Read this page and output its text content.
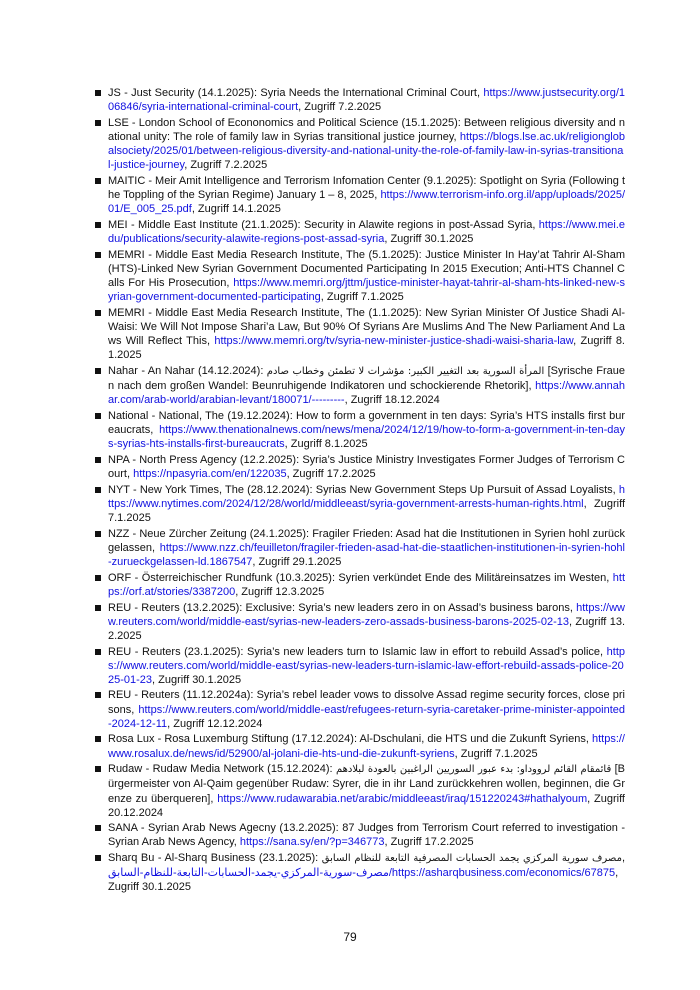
JS - Just Security (14.1.2025): Syria Needs the International Criminal Court, https://www.justsecurity.org/106846/syria-international-criminal-court, Zugriff 7.2.2025
LSE - London School of Econonomics and Political Science (15.1.2025): Between religious diversity and national unity: The role of family law in Syrias transitional justice journey, https://blogs.lse.ac.uk/religionglobalsociety/2025/01/between-religious-diversity-and-national-unity-the-role-of-family-law-in-syrias-transitional-justice-journey, Zugriff 7.2.2025
MAITIC - Meir Amit Intelligence and Terrorism Infomation Center (9.1.2025): Spotlight on Syria (Following the Toppling of the Syrian Regime) January 1 – 8, 2025, https://www.terrorism-info.org.il/app/uploads/2025/01/E_005_25.pdf, Zugriff 14.1.2025
MEI - Middle East Institute (21.1.2025): Security in Alawite regions in post-Assad Syria, https://www.mei.edu/publications/security-alawite-regions-post-assad-syria, Zugriff 30.1.2025
MEMRI - Middle East Media Research Institute, The (5.1.2025): Justice Minister In Hay’at Tahrir Al-Sham (HTS)-Linked New Syrian Government Documented Participating In 2015 Execution; Anti-HTS Channel Calls For His Prosecution, https://www.memri.org/jttm/justice-minister-hayat-tahrir-al-sham-hts-linked-new-syrian-government-documented-participating, Zugriff 7.1.2025
MEMRI - Middle East Media Research Institute, The (1.1.2025): New Syrian Minister Of Justice Shadi Al-Waisi: We Will Not Impose Shari’a Law, But 90% Of Syrians Are Muslims And The New Parliament And Laws Will Reflect This, https://www.memri.org/tv/syria-new-minister-justice-shadi-waisi-sharia-law, Zugriff 8.1.2025
Nahar - An Nahar (14.12.2024): المرأة السورية بعد التغيير الكبير: مؤشرات لا تطمئن وخطاب صادم [Syrische Frauen nach dem großen Wandel: Beunruhigende Indikatoren und schockierende Rhetorik], https://www.annahar.com/arab-world/arabian-levant/180071/---------, Zugriff 18.12.2024
National - National, The (19.12.2024): How to form a government in ten days: Syria’s HTS installs first bureaucrats, https://www.thenationalnews.com/news/mena/2024/12/19/how-to-form-a-government-in-ten-days-syrias-hts-installs-first-bureaucrats, Zugriff 8.1.2025
NPA - North Press Agency (12.2.2025): Syria’s Justice Ministry Investigates Former Judges of Terrorism Court, https://npasyria.com/en/122035, Zugriff 17.2.2025
NYT - New York Times, The (28.12.2024): Syrias New Government Steps Up Pursuit of Assad Loyalists, https://www.nytimes.com/2024/12/28/world/middleeast/syria-government-arrests-human-rights.html, Zugriff 7.1.2025
NZZ - Neue Zürcher Zeitung (24.1.2025): Fragiler Frieden: Asad hat die Institutionen in Syrien hohl zurückgelassen, https://www.nzz.ch/feuilleton/fragiler-frieden-asad-hat-die-staatlichen-institutionen-in-syrien-hohl-zurueckgelassen-ld.1867547, Zugriff 29.1.2025
ORF - Österreichischer Rundfunk (10.3.2025): Syrien verkündet Ende des Militäreinsatzes im Westen, https://orf.at/stories/3387200, Zugriff 12.3.2025
REU - Reuters (13.2.2025): Exclusive: Syria’s new leaders zero in on Assad’s business barons, https://www.reuters.com/world/middle-east/syrias-new-leaders-zero-assads-business-barons-2025-02-13, Zugriff 13.2.2025
REU - Reuters (23.1.2025): Syria’s new leaders turn to Islamic law in effort to rebuild Assad’s police, https://www.reuters.com/world/middle-east/syrias-new-leaders-turn-islamic-law-effort-rebuild-assads-police-2025-01-23, Zugriff 30.1.2025
REU - Reuters (11.12.2024a): Syria’s rebel leader vows to dissolve Assad regime security forces, close prisons, https://www.reuters.com/world/middle-east/refugees-return-syria-caretaker-prime-minister-appointed-2024-12-11, Zugriff 12.12.2024
Rosa Lux - Rosa Luxemburg Stiftung (17.12.2024): Al-Dschulani, die HTS und die Zukunft Syriens, https://www.rosalux.de/news/id/52900/al-jolani-die-hts-und-die-zukunft-syriens, Zugriff 7.1.2025
Rudaw - Rudaw Media Network (15.12.2024): قائمقام القائم لرووداو: بدء عبور السوريين الراغبين بالعودة لبلادهم [Bürgermeister von Al-Qaim gegenüber Rudaw: Syrer, die in ihr Land zurückkehren wollen, beginnen, die Grenze zu überqueren], https://www.rudawarabia.net/arabic/middleeast/iraq/151220243#hathalyoum, Zugriff 20.12.2024
SANA - Syrian Arab News Agecny (13.2.2025): 87 Judges from Terrorism Court referred to investigation - Syrian Arab News Agency, https://sana.sy/en/?p=346773, Zugriff 17.2.2025
Sharq Bu - Al-Sharq Business (23.1.2025): مصرف سورية المركزي يجمد الحسابات المصرفية التابعة للنظام السابق, https://asharqbusiness.com/economics/67875/مصرف-سورية-المركزي-يجمد-الحسابات-التابعة-للنظام-السابق, Zugriff 30.1.2025
79
